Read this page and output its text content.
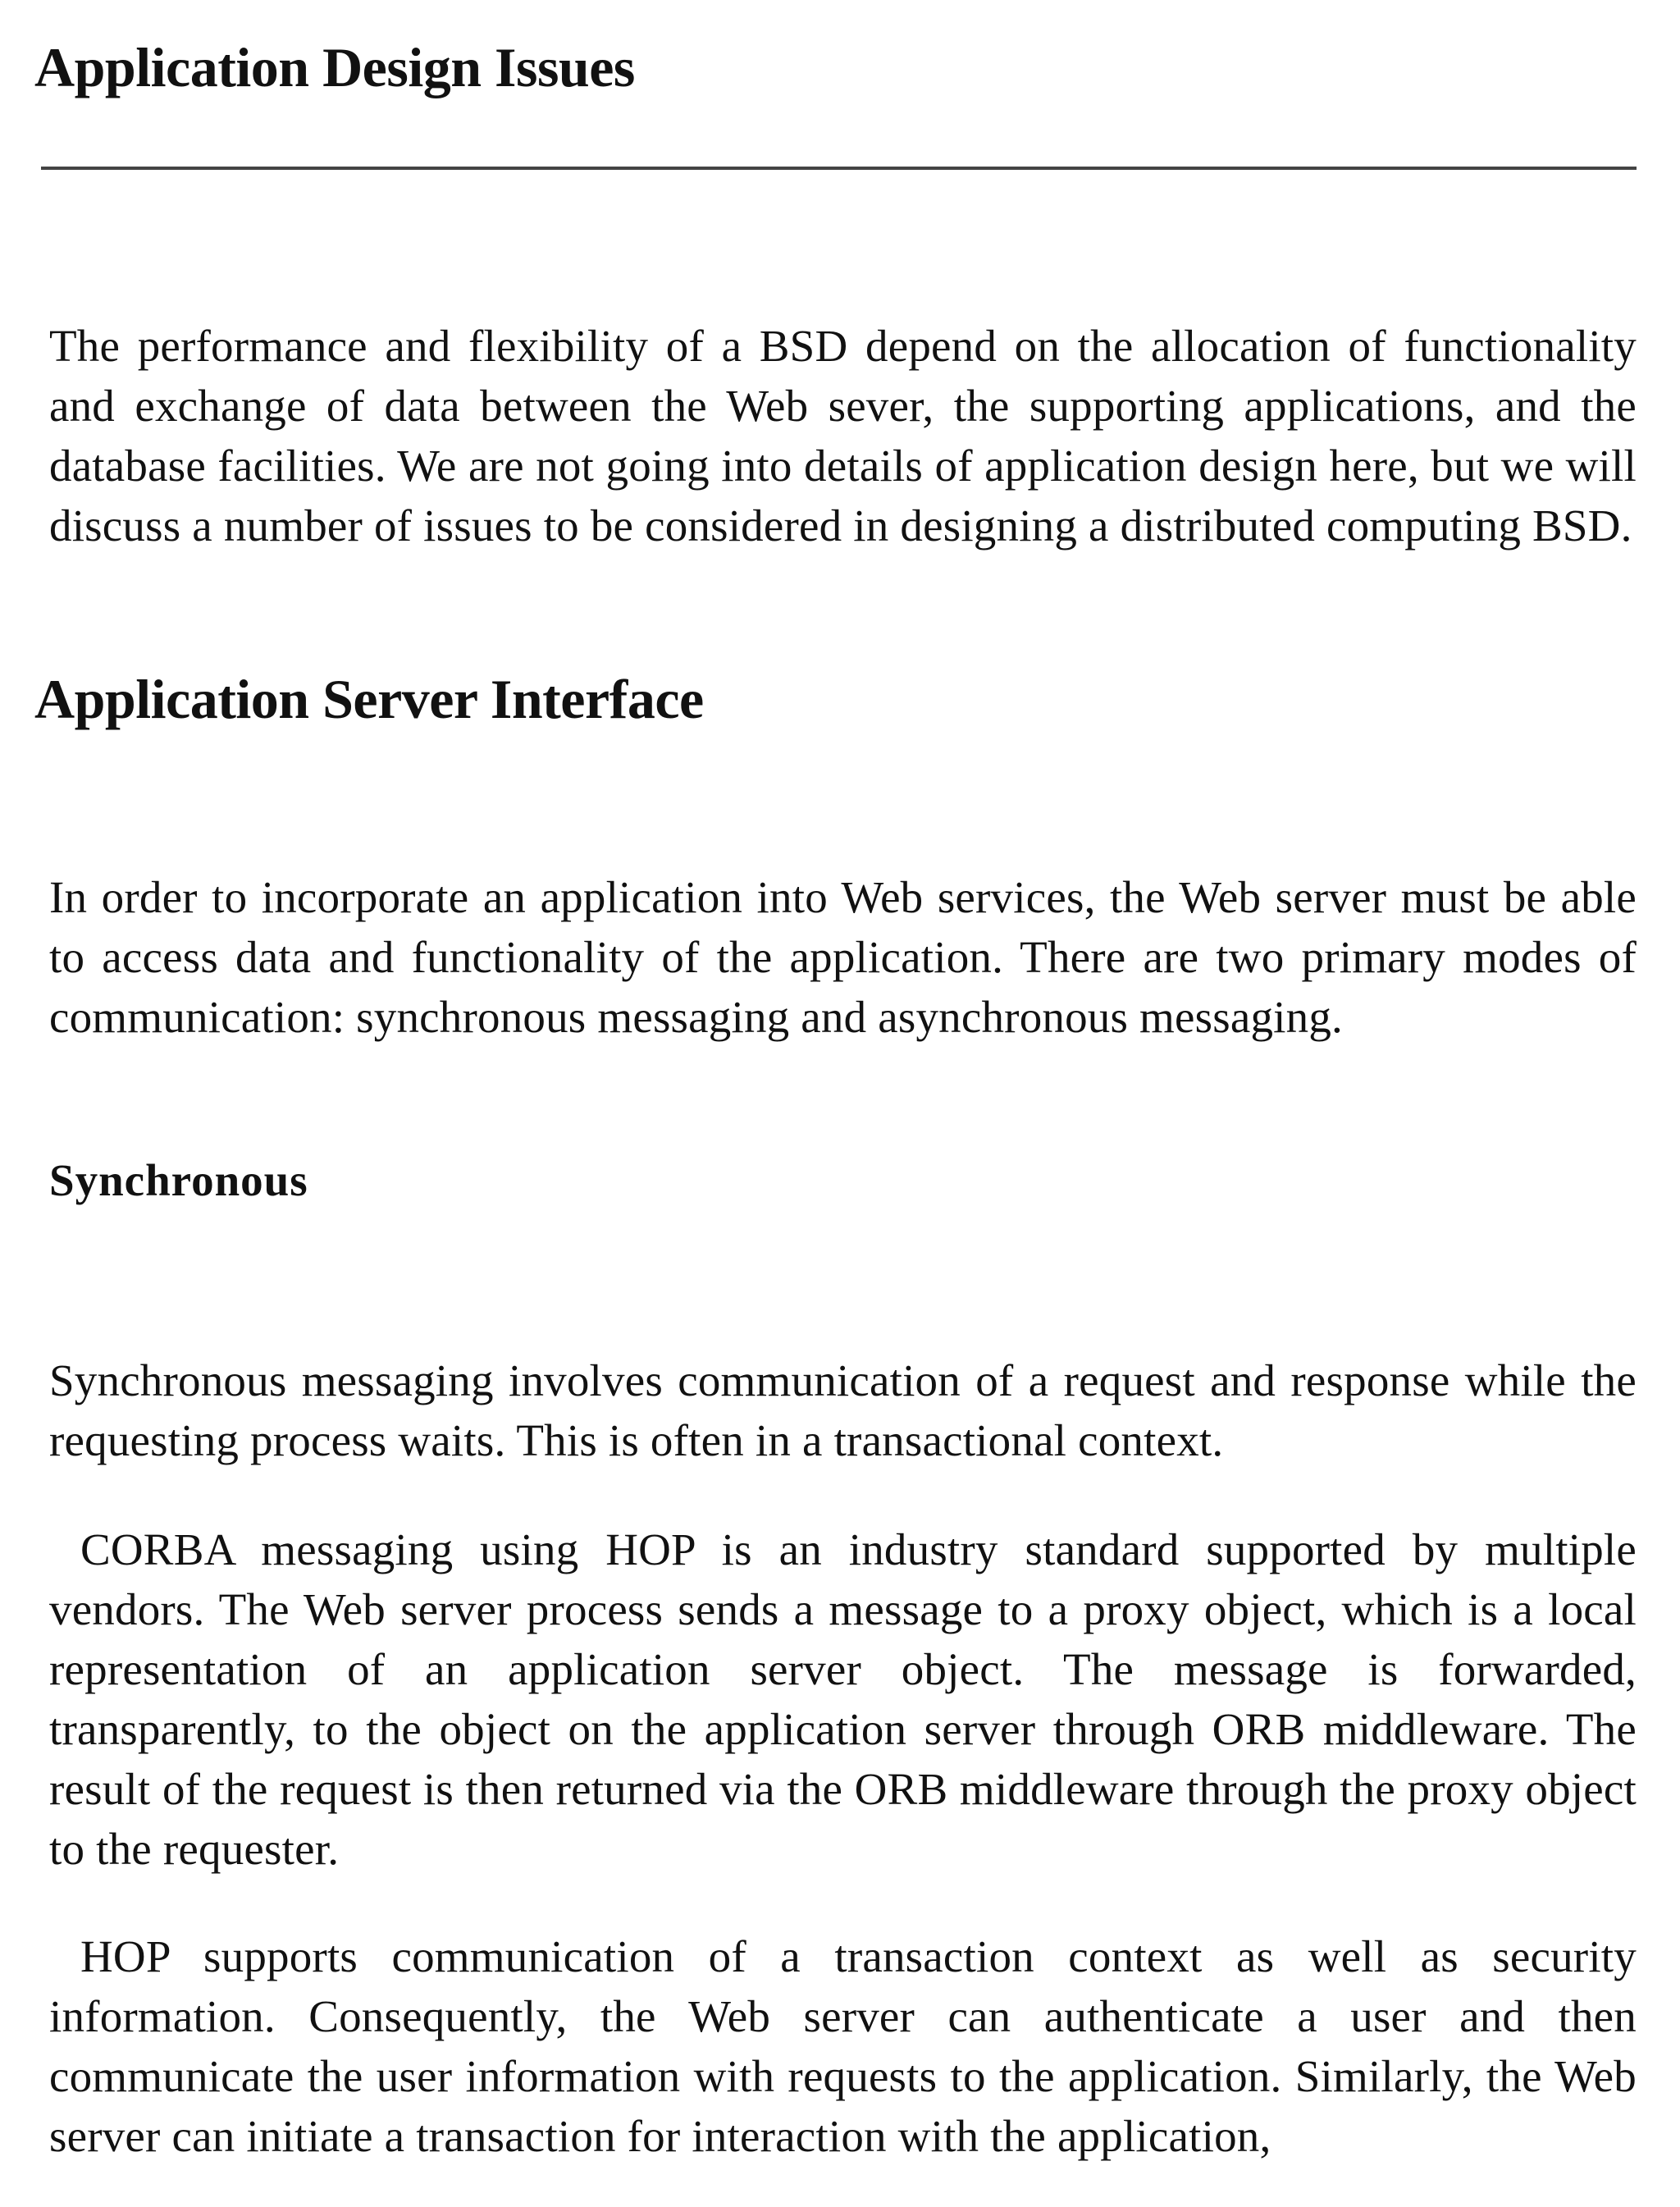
Application Design Issues

The performance and flexibility of a BSD depend on the allocation of functionality and exchange of data between the Web sever, the supporting applications, and the database facilities. We are not going into details of application design here, but we will discuss a number of issues to be considered in designing a distributed computing BSD.

Application Server Interface

In order to incorporate an application into Web services, the Web server must be able to access data and functionality of the application. There are two primary modes of communication: synchronous messaging and asynchronous messaging.

Synchronous

Synchronous messaging involves communication of a request and response while the requesting process waits. This is often in a transactional context.

CORBA messaging using HOP is an industry standard supported by multiple vendors. The Web server process sends a message to a proxy object, which is a local representation of an application server object. The message is forwarded, transparently, to the object on the application server through ORB middleware. The result of the request is then returned via the ORB middleware through the proxy object to the requester.

HOP supports communication of a transaction context as well as security information. Consequently, the Web server can authenticate a user and then communicate the user information with requests to the application. Similarly, the Web server can initiate a transaction for interaction with the application,
